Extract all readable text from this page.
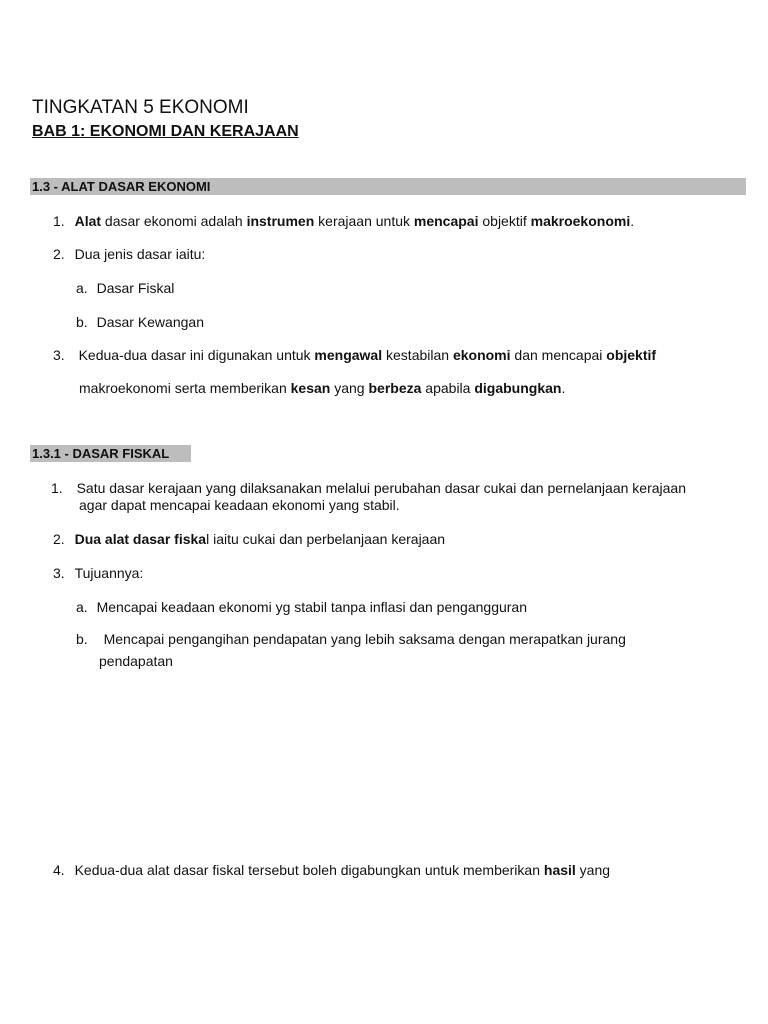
TINGKATAN 5 EKONOMI
BAB 1: EKONOMI DAN KERAJAAN
1.3 - ALAT DASAR EKONOMI
1. Alat dasar ekonomi adalah instrumen kerajaan untuk mencapai objektif makroekonomi.
2. Dua jenis dasar iaitu:
a. Dasar Fiskal
b. Dasar Kewangan
3. Kedua-dua dasar ini digunakan untuk mengawal kestabilan ekonomi dan mencapai objektif
makroekonomi serta memberikan kesan yang berbeza apabila digabungkan.
1.3.1 - DASAR FISKAL
1. Satu dasar kerajaan yang dilaksanakan melalui perubahan dasar cukai dan pernelanjaan kerajaan
agar dapat mencapai keadaan ekonomi yang stabil.
2. Dua alat dasar fiskal iaitu cukai dan perbelanjaan kerajaan
3. Tujuannya:
a. Mencapai keadaan ekonomi yg stabil tanpa inflasi dan pengangguran
b. Mencapai pengangihan pendapatan yang lebih saksama dengan merapatkan jurang
pendapatan
4. Kedua-dua alat dasar fiskal tersebut boleh digabungkan untuk memberikan hasil yang
